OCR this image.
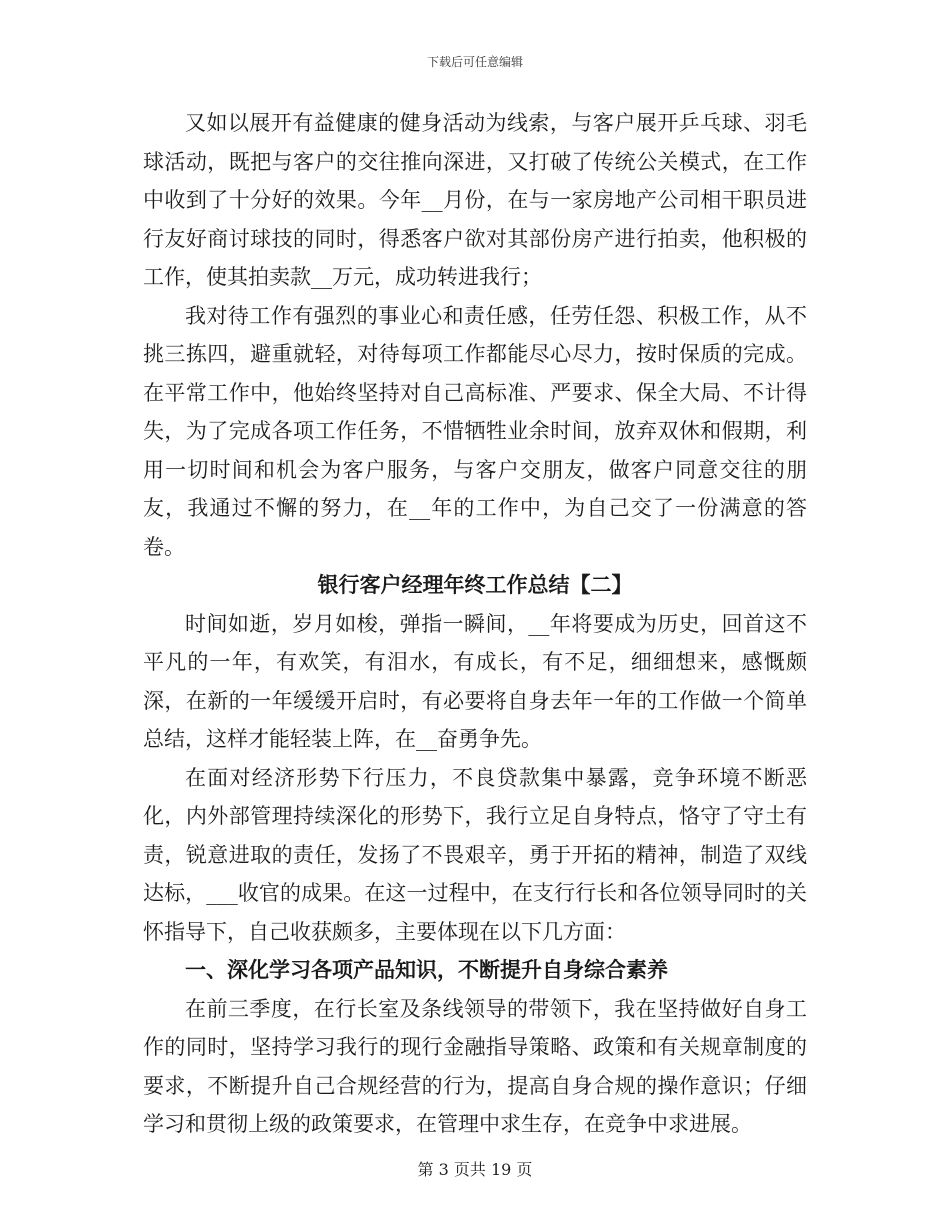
下载后可任意编辑

又如以展开有益健康的健身活动为线索，与客户展开乒乓球、羽毛球活动，既把与客户的交往推向深进，又打破了传统公关模式，在工作中收到了十分好的效果。今年__月份，在与一家房地产公司相干职员进行友好商讨球技的同时，得悉客户欲对其部份房产进行拍卖，他积极的工作，使其拍卖款__万元，成功转进我行；

我对待工作有强烈的事业心和责任感，任劳任怨、积极工作，从不挑三拣四，避重就轻，对待每项工作都能尽心尽力，按时保质的完成。在平常工作中，他始终坚持对自己高标准、严要求、保全大局、不计得失，为了完成各项工作任务，不惜牺牲业余时间，放弃双休和假期，利用一切时间和机会为客户服务，与客户交朋友，做客户同意交往的朋友，我通过不懈的努力，在__年的工作中，为自己交了一份满意的答卷。

银行客户经理年终工作总结【二】

时间如逝，岁月如梭，弹指一瞬间，__年将要成为历史，回首这不平凡的一年，有欢笑，有泪水，有成长，有不足，细细想来，感慨颇深，在新的一年缓缓开启时，有必要将自身去年一年的工作做一个简单总结，这样才能轻装上阵，在__奋勇争先。

在面对经济形势下行压力，不良贷款集中暴露，竞争环境不断恶化，内外部管理持续深化的形势下，我行立足自身特点，恪守了守土有责，锐意进取的责任，发扬了不畏艰辛，勇于开拓的精神，制造了双线达标，___收官的成果。在这一过程中，在支行行长和各位领导同时的关怀指导下，自己收获颇多，主要体现在以下几方面：

一、深化学习各项产品知识，不断提升自身综合素养

在前三季度，在行长室及条线领导的带领下，我在坚持做好自身工作的同时，坚持学习我行的现行金融指导策略、政策和有关规章制度的要求，不断提升自己合规经营的行为，提高自身合规的操作意识；仔细学习和贯彻上级的政策要求，在管理中求生存，在竞争中求进展。

第 3 页共 19 页
